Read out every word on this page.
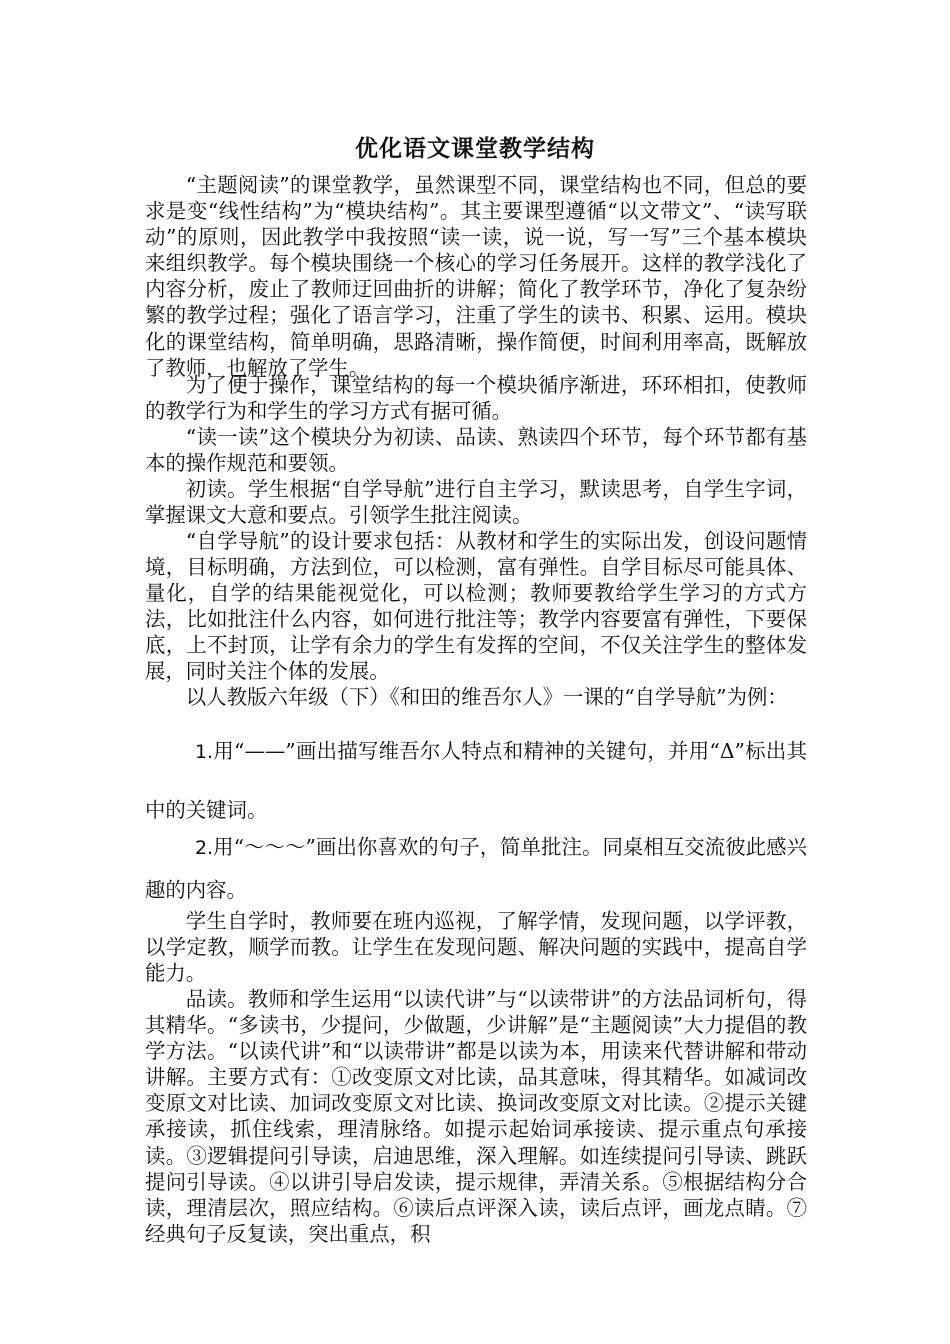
优化语文课堂教学结构

“主题阅读”的课堂教学，虽然课型不同，课堂结构也不同，但总的要求是变“线性结构”为“模块结构”。其主要课型遵循“以文带文”、“读写联动”的原则，因此教学中我按照“读一读，说一说，写一写”三个基本模块来组织教学。每个模块围绕一个核心的学习任务展开。这样的教学浅化了内容分析，废止了教师迂回曲折的讲解；简化了教学环节，净化了复杂纷繁的教学过程；强化了语言学习，注重了学生的读书、积累、运用。模块化的课堂结构，简单明确，思路清晰，操作简便，时间利用率高，既解放了教师，也解放了学生。

为了便于操作，课堂结构的每一个模块循序渐进，环环相扣，使教师的教学行为和学生的学习方式有据可循。

“读一读”这个模块分为初读、品读、熟读四个环节，每个环节都有基本的操作规范和要领。

初读。学生根据“自学导航”进行自主学习，默读思考，自学生字词，掌握课文大意和要点。引领学生批注阅读。

“自学导航”的设计要求包括：从教材和学生的实际出发，创设问题情境，目标明确，方法到位，可以检测，富有弹性。自学目标尽可能具体、量化，自学的结果能视觉化，可以检测；教师要教给学生学习的方式方法，比如批注什么内容，如何进行批注等；教学内容要富有弹性，下要保底，上不封顶，让学有余力的学生有发挥的空间，不仅关注学生的整体发展，同时关注个体的发展。

以人教版六年级（下）《和田的维吾尔人》一课的“自学导航”为例：

1.用“——”画出描写维吾尔人特点和精神的关键句，并用“Δ”标出其中的关键词。

2.用“～～～”画出你喜欢的句子，简单批注。同桌相互交流彼此感兴趣的内容。

学生自学时，教师要在班内巡视，了解学情，发现问题，以学评教，以学定教，顺学而教。让学生在发现问题、解决问题的实践中，提高自学能力。

品读。教师和学生运用“以读代讲”与“以读带讲”的方法品词析句，得其精华。“多读书，少提问，少做题，少讲解”是“主题阅读”大力提倡的教学方法。“以读代讲”和“以读带讲”都是以读为本，用读来代替讲解和带动讲解。主要方式有：①改变原文对比读，品其意味，得其精华。如减词改变原文对比读、加词改变原文对比读、换词改变原文对比读。②提示关键承接读，抓住线索，理清脉络。如提示起始词承接读、提示重点句承接读。③逻辑提问引导读，启迪思维，深入理解。如连续提问引导读、跳跃提问引导读。④以讲引导启发读，提示规律，弄清关系。⑤根据结构分合读，理清层次，照应结构。⑥读后点评深入读，读后点评，画龙点睛。⑦经典句子反复读，突出重点，积
